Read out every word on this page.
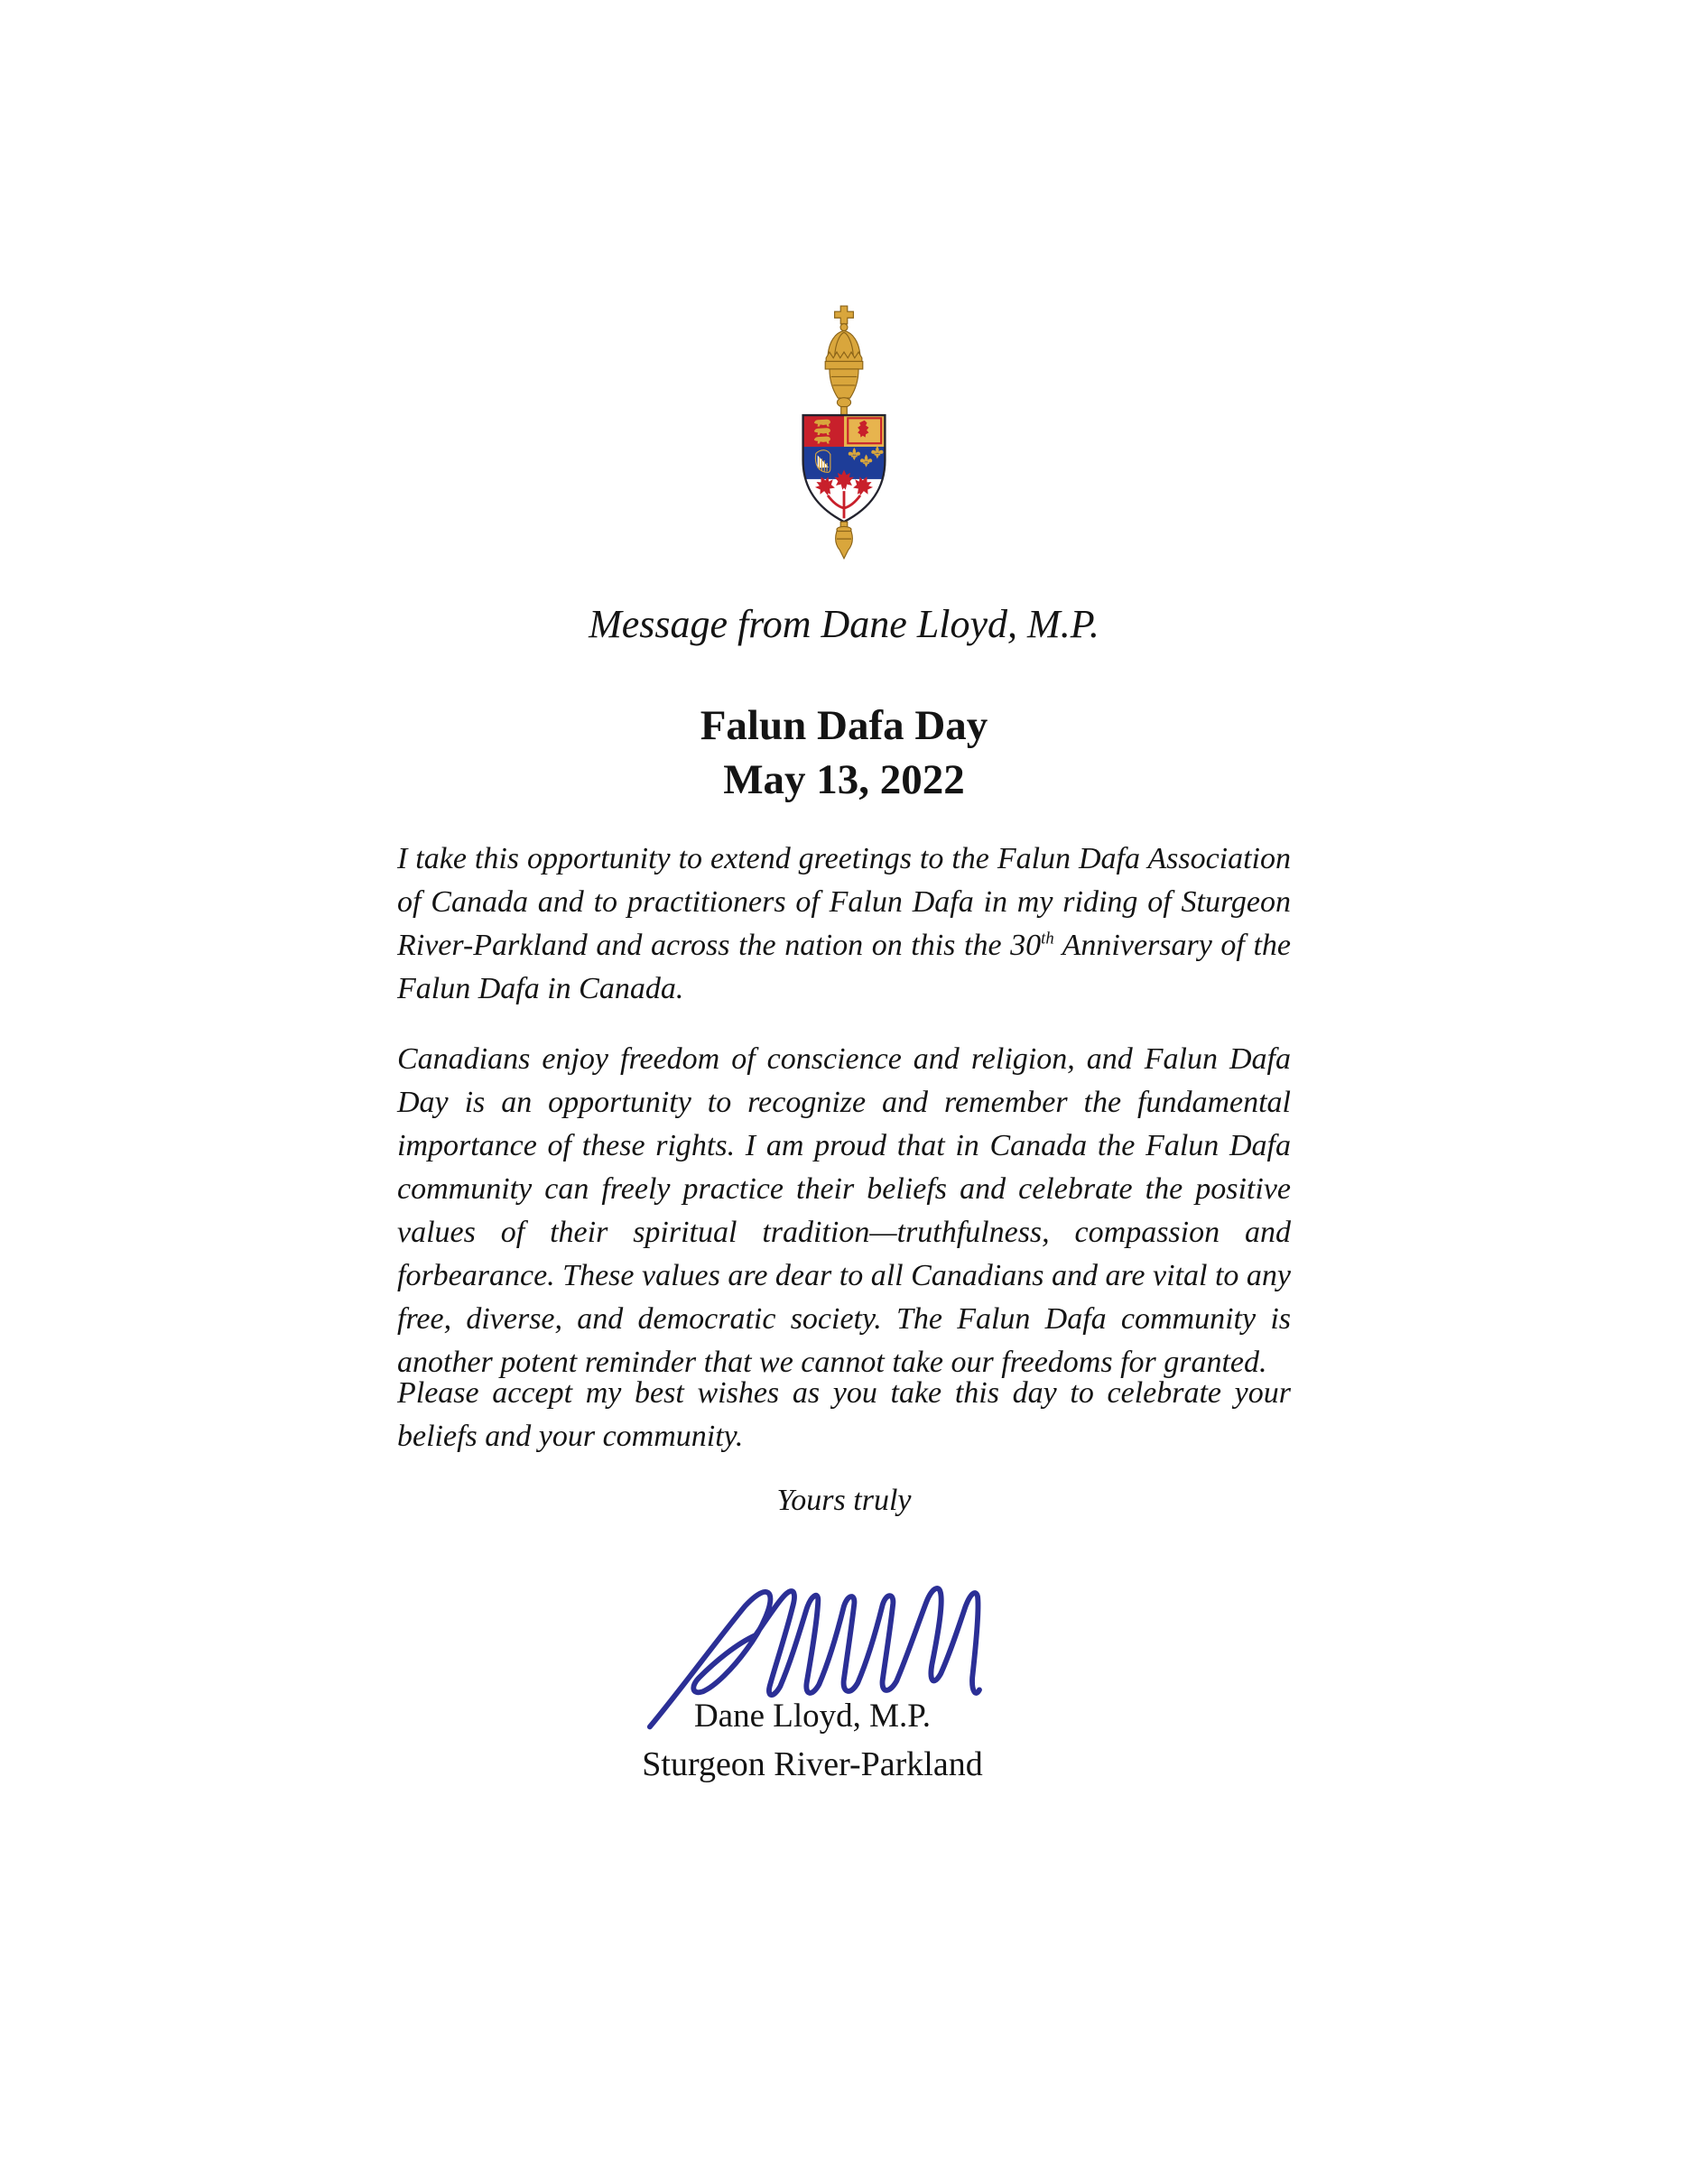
Message from Dane Lloyd, M.P.
Falun Dafa Day
May 13, 2022
I take this opportunity to extend greetings to the Falun Dafa Association of Canada and to practitioners of Falun Dafa in my riding of Sturgeon River-Parkland and across the nation on this the 30th Anniversary of the Falun Dafa in Canada.
Canadians enjoy freedom of conscience and religion, and Falun Dafa Day is an opportunity to recognize and remember the fundamental importance of these rights. I am proud that in Canada the Falun Dafa community can freely practice their beliefs and celebrate the positive values of their spiritual tradition—truthfulness, compassion and forbearance. These values are dear to all Canadians and are vital to any free, diverse, and democratic society. The Falun Dafa community is another potent reminder that we cannot take our freedoms for granted.
Please accept my best wishes as you take this day to celebrate your beliefs and your community.
Yours truly
Dane Lloyd, M.P.
Sturgeon River-Parkland
